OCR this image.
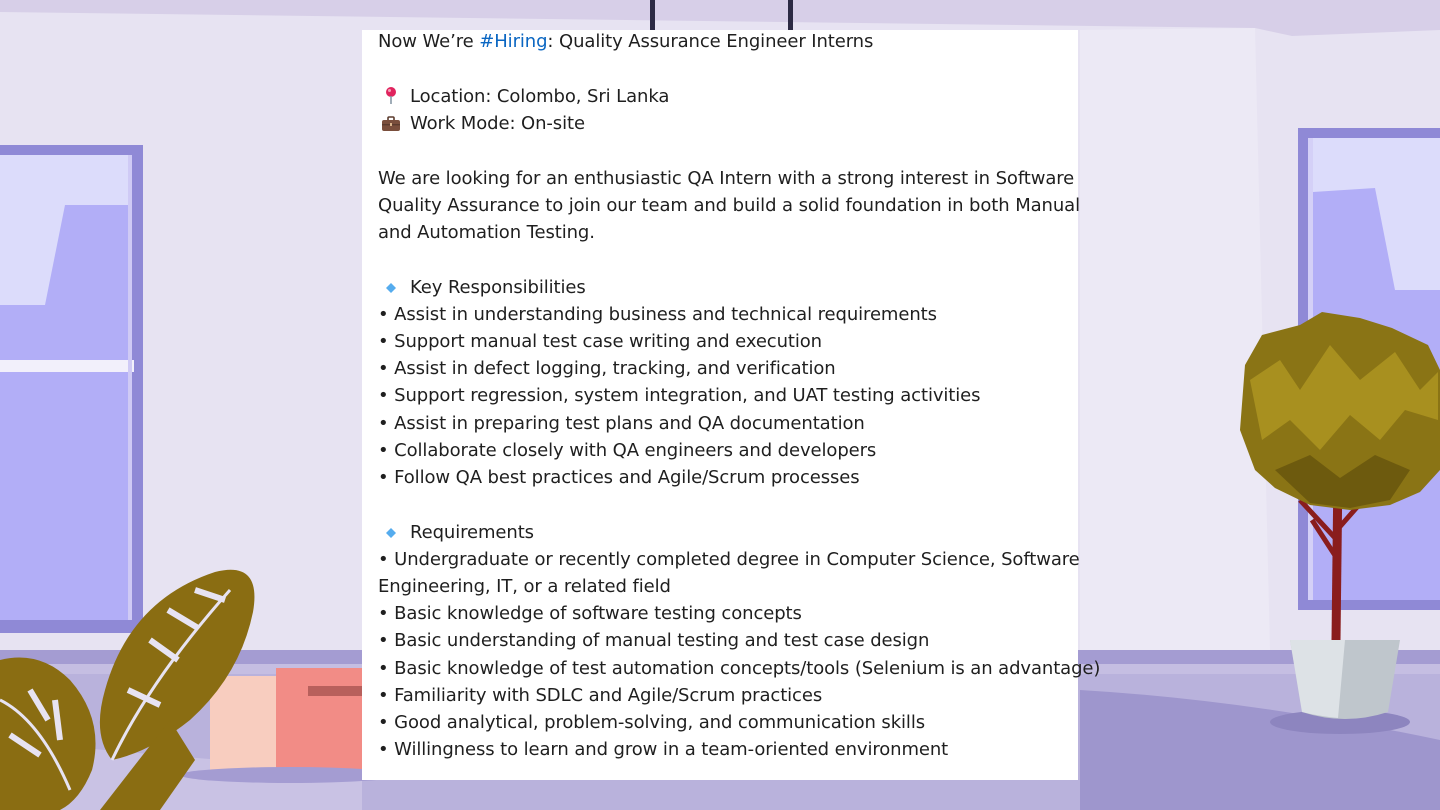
Now We’re #Hiring: Quality Assurance Engineer Interns
Location: Colombo, Sri Lanka
Work Mode: On-site
We are looking for an enthusiastic QA Intern with a strong interest in Software
Quality Assurance to join our team and build a solid foundation in both Manual
and Automation Testing.
Key Responsibilities
• Assist in understanding business and technical requirements
• Support manual test case writing and execution
• Assist in defect logging, tracking, and verification
• Support regression, system integration, and UAT testing activities
• Assist in preparing test plans and QA documentation
• Collaborate closely with QA engineers and developers
• Follow QA best practices and Agile/Scrum processes
Requirements
• Undergraduate or recently completed degree in Computer Science, Software
Engineering, IT, or a related field
• Basic knowledge of software testing concepts
• Basic understanding of manual testing and test case design
• Basic knowledge of test automation concepts/tools (Selenium is an advantage)
• Familiarity with SDLC and Agile/Scrum practices
• Good analytical, problem-solving, and communication skills
• Willingness to learn and grow in a team-oriented environment
